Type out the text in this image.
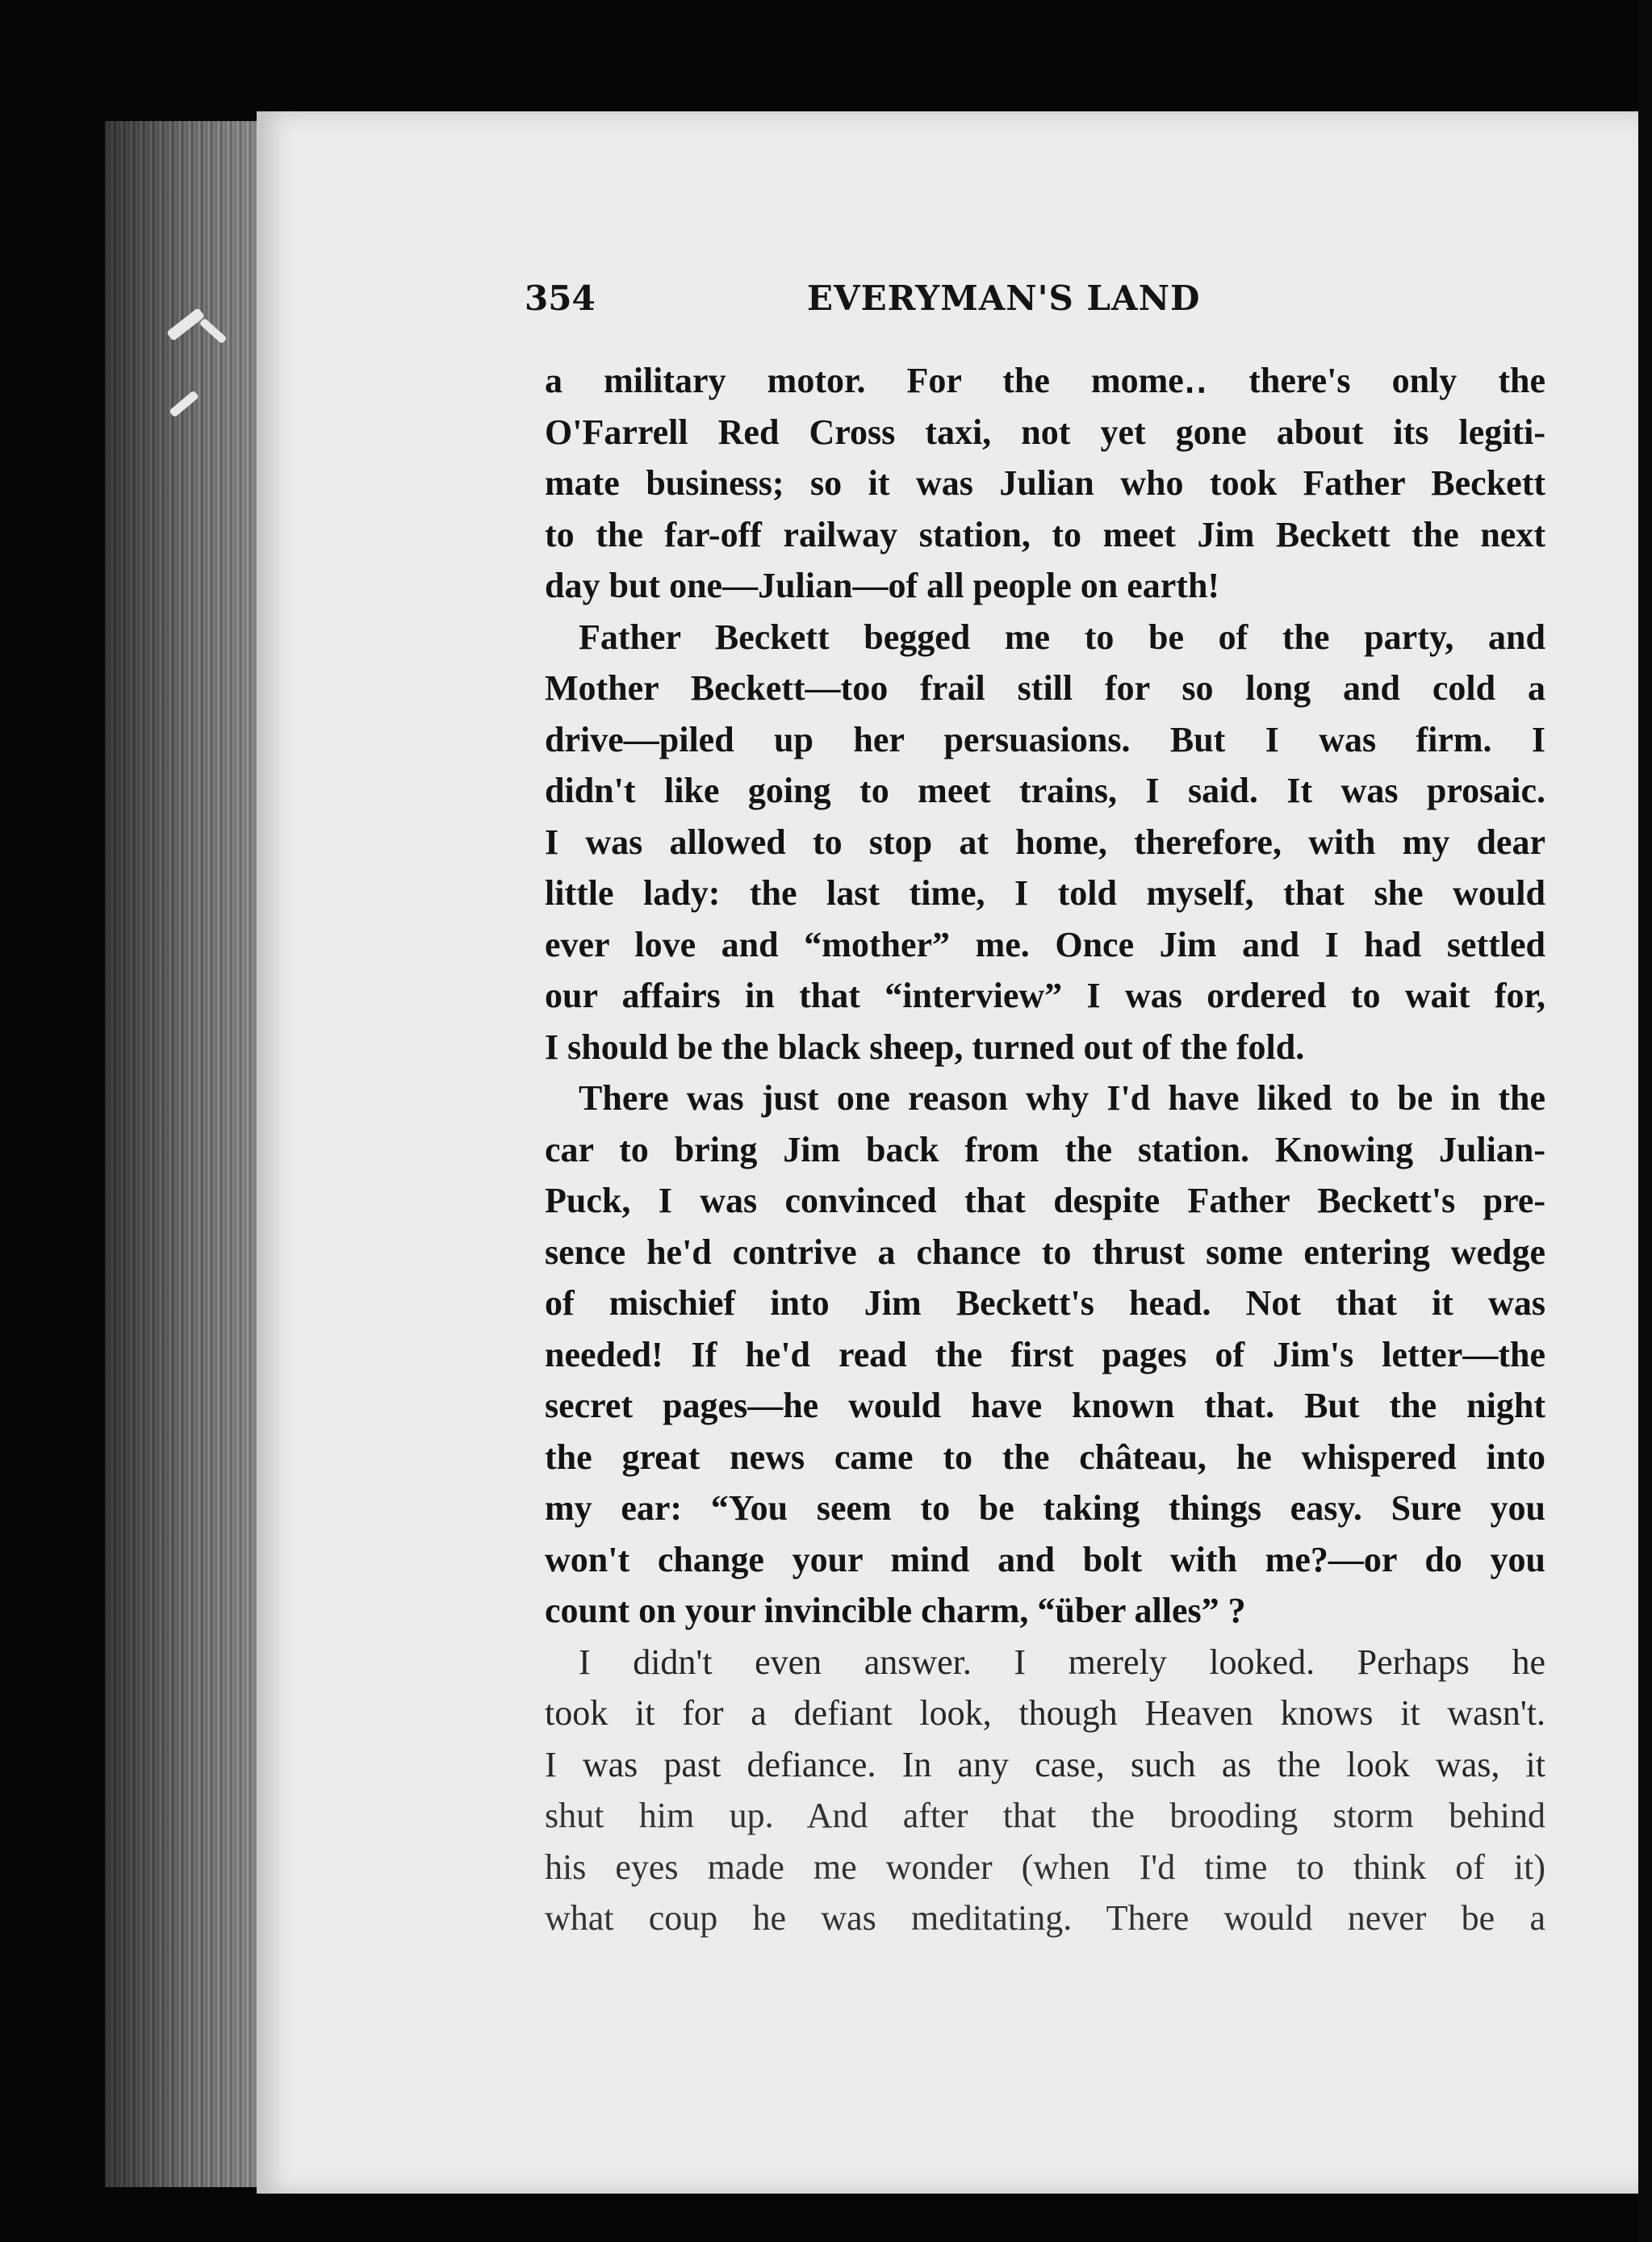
354	EVERYMAN'S LAND
a military motor. For the mome‥ there's only the
O'Farrell Red Cross taxi, not yet gone about its legiti-
mate business; so it was Julian who took Father Beckett
to the far-off railway station, to meet Jim Beckett the next
day but one—Julian—of all people on earth!
Father Beckett begged me to be of the party, and
Mother Beckett—too frail still for so long and cold a
drive—piled up her persuasions. But I was firm. I
didn't like going to meet trains, I said. It was prosaic.
I was allowed to stop at home, therefore, with my dear
little lady: the last time, I told myself, that she would
ever love and “mother” me. Once Jim and I had settled
our affairs in that “interview” I was ordered to wait for,
I should be the black sheep, turned out of the fold.
There was just one reason why I'd have liked to be in the
car to bring Jim back from the station. Knowing Julian-
Puck, I was convinced that despite Father Beckett's pre-
sence he'd contrive a chance to thrust some entering wedge
of mischief into Jim Beckett's head. Not that it was
needed! If he'd read the first pages of Jim's letter—the
secret pages—he would have known that. But the night
the great news came to the château, he whispered into
my ear: “You seem to be taking things easy. Sure you
won't change your mind and bolt with me?—or do you
count on your invincible charm, “über alles” ?
I didn't even answer. I merely looked. Perhaps he
took it for a defiant look, though Heaven knows it wasn't.
I was past defiance. In any case, such as the look was, it
shut him up. And after that the brooding storm behind
his eyes made me wonder (when I'd time to think of it)
what coup he was meditating. There would never be a
